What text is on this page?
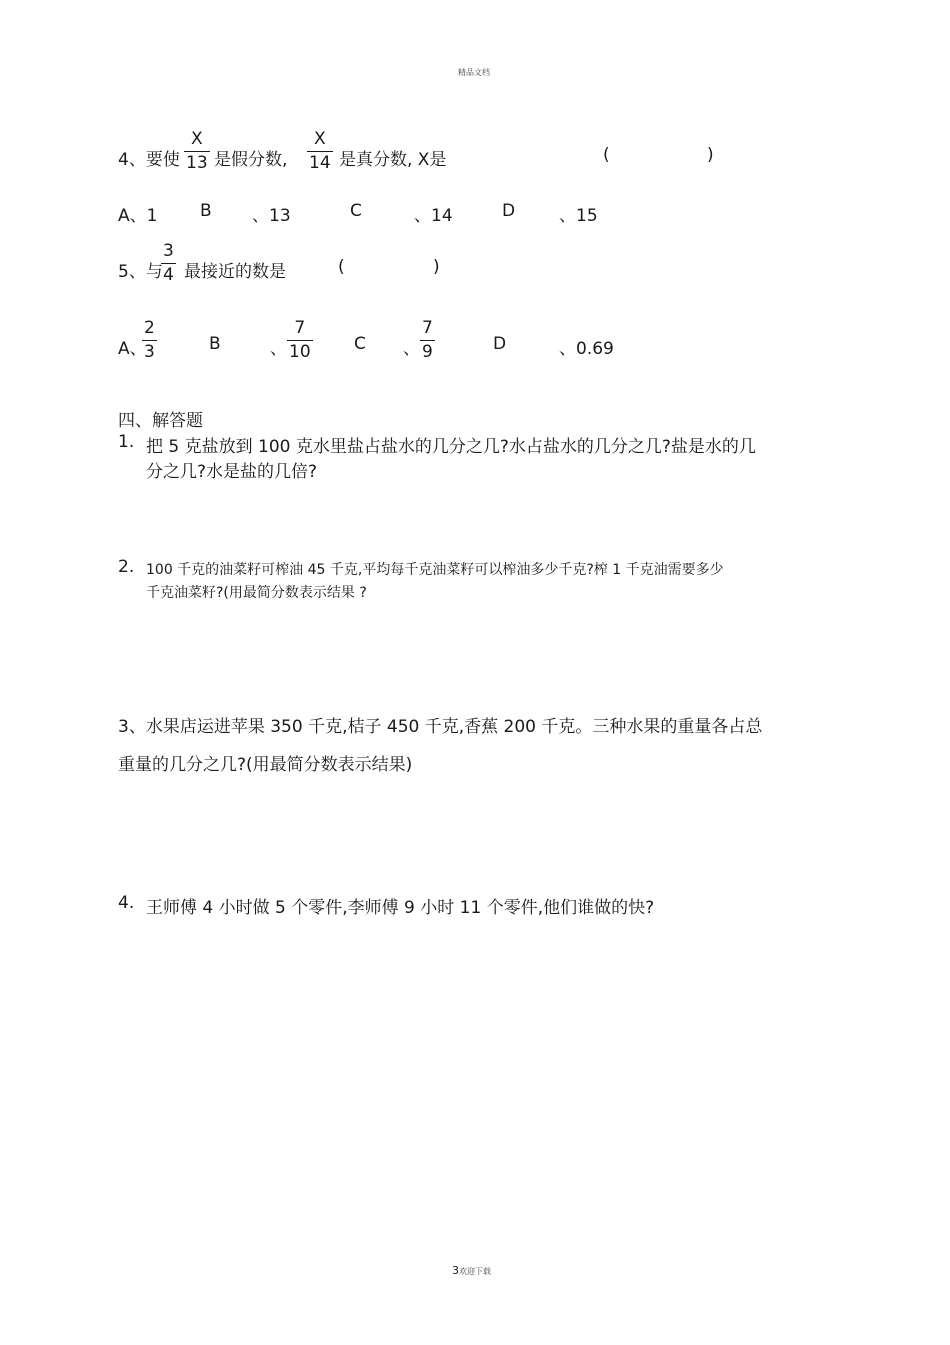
精品文档
4、要使
X
13 是假分数,
X
14 是真分数, X是	(	)
A、1	B 、13	C	、14	D	、15
5、与
3
4 最接近的数是	(	)
A、
2
3	B	、
7
10	C 、
7
9	D	、0.69
四、解答题
1. 把 5 克盐放到 100 克水里盐占盐水的几分之几?水占盐水的几分之几?盐是水的几
分之几?水是盐的几倍?
2. 100 千克的油菜籽可榨油 45 千克,平均每千克油菜籽可以榨油多少千克?榨 1 千克油需要多少
千克油菜籽?(用最简分数表示结果 ?
3、水果店运进苹果 350 千克,桔子 450 千克,香蕉 200 千克。三种水果的重量各占总
重量的几分之几?(用最简分数表示结果)
4. 王师傅 4 小时做 5 个零件,李师傅 9 小时 11 个零件,他们谁做的快?
3欢迎下载
